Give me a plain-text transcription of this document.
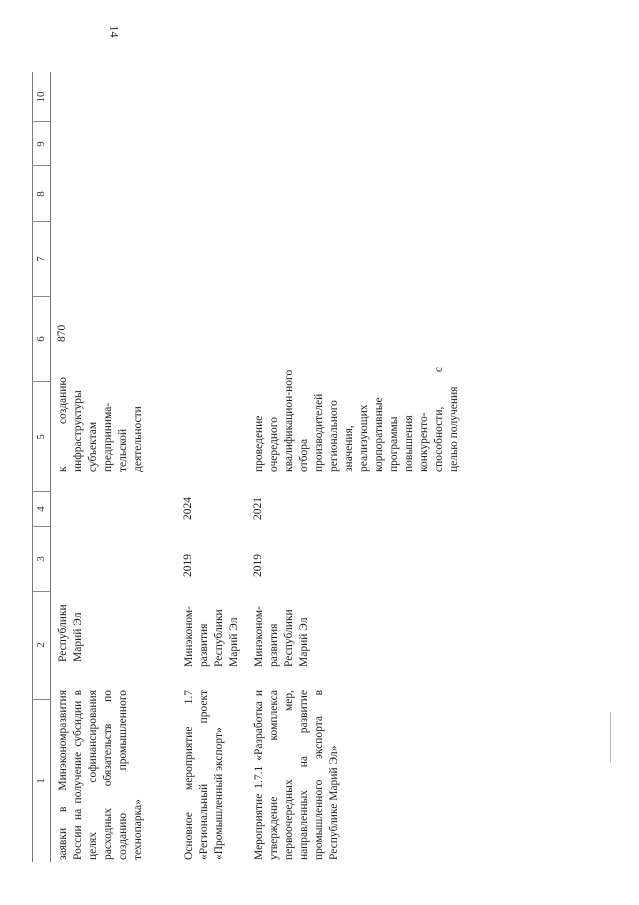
14
1
2
3
4
5
6
7
8
9
10
заявки в Минэкономразвития России на получение субсидии в целях софинансирования расходных обязательств по созданию промышленного технопарка»
Республики Марий Эл
к созданию инфраструктуры субъектам предпринима-тельской деятельности
870
Основное мероприятие 1.7 «Региональный проект «Промышленный экспорт»
Минэконом-развития Республики Марий Эл
2019
2024
Мероприятие 1.7.1 «Разработка и утверждение комплекса первоочередных мер, направленных на развитие промышленного экспорта в Республике Марий Эл»
Минэконом-развития Республики Марий Эл
2019
2021
проведение очередного квалификацион-ного отбора производителей регионального значения, реализующих корпоративные программы повышения конкуренто-способности, с целью получения
